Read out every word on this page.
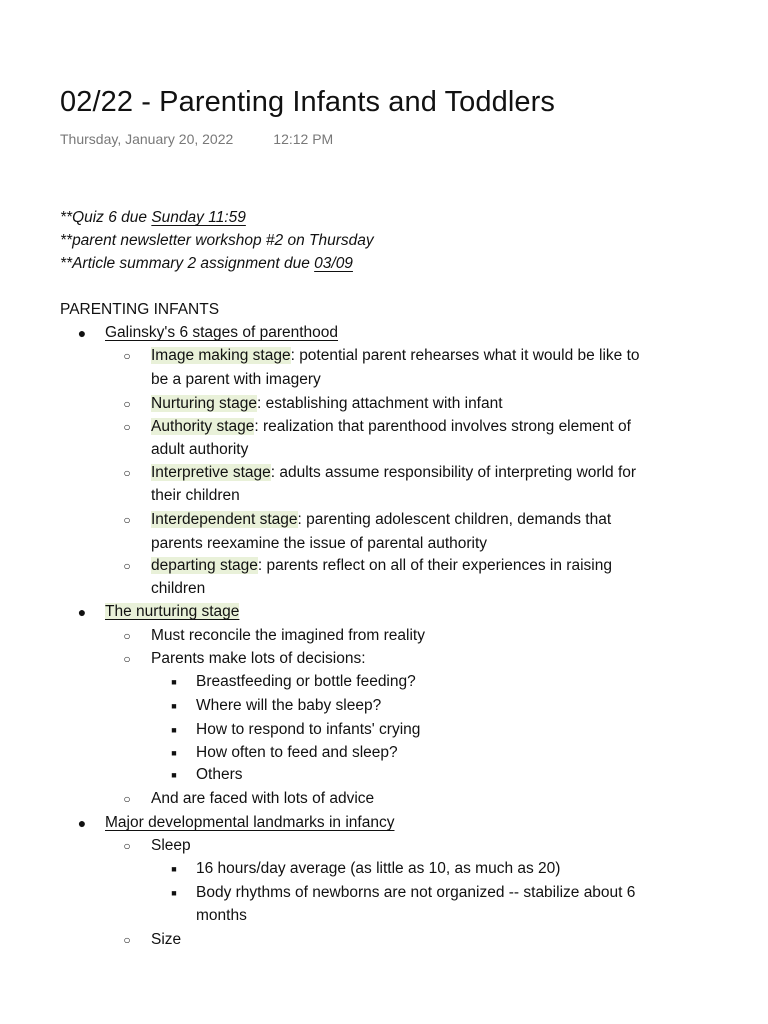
02/22 - Parenting Infants and Toddlers
Thursday, January 20, 2022	12:12 PM
**Quiz 6 due Sunday 11:59
**parent newsletter workshop #2 on Thursday
**Article summary 2 assignment due 03/09
PARENTING INFANTS
● Galinsky's 6 stages of parenthood
○ Image making stage: potential parent rehearses what it would be like to
be a parent with imagery
○ Nurturing stage: establishing attachment with infant
○ Authority stage: realization that parenthood involves strong element of
adult authority
○ Interpretive stage: adults assume responsibility of interpreting world for
their children
○ Interdependent stage: parenting adolescent children, demands that
parents reexamine the issue of parental authority
○ departing stage: parents reflect on all of their experiences in raising
children
● The nurturing stage
○ Must reconcile the imagined from reality
○ Parents make lots of decisions:
■	Breastfeeding or bottle feeding?
■	Where will the baby sleep?
■	How to respond to infants' crying
■	How often to feed and sleep?
■	Others
○ And are faced with lots of advice
● Major developmental landmarks in infancy
○ Sleep
■	16 hours/day average (as little as 10, as much as 20)
■	Body rhythms of newborns are not organized -- stabilize about 6
months
○ Size
